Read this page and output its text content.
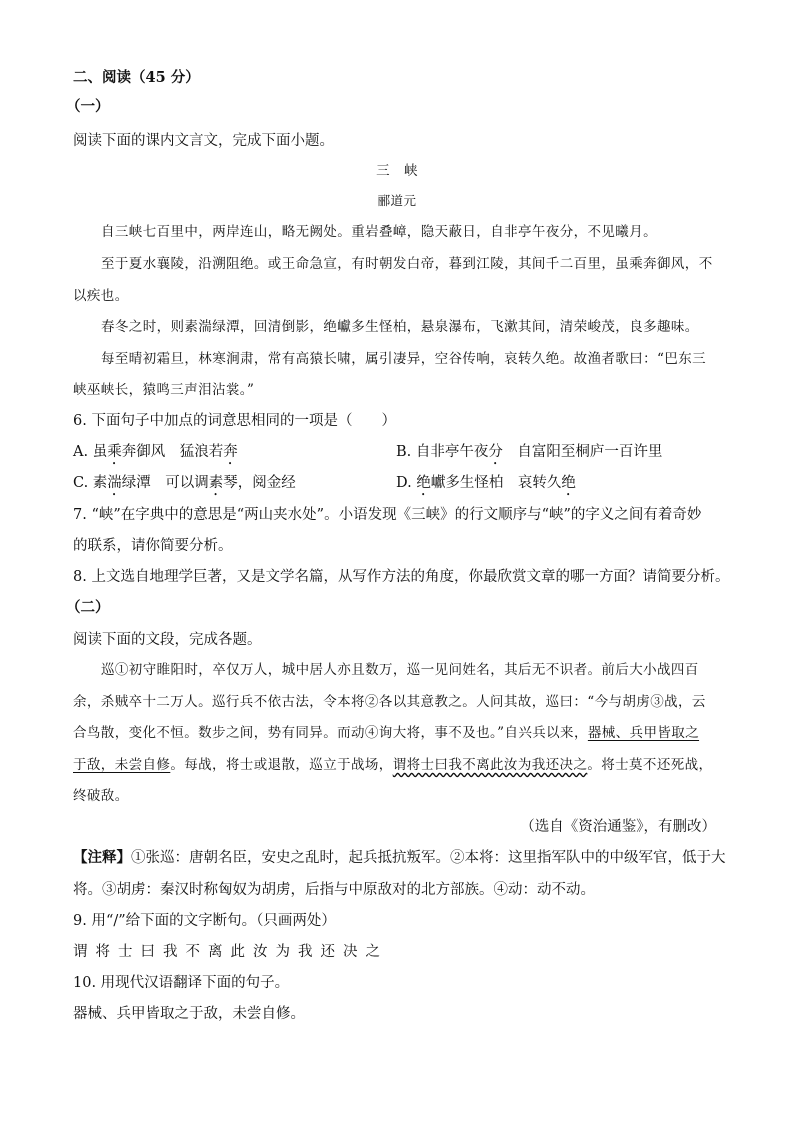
二、阅读（45 分）
（一）
阅读下面的课内文言文，完成下面小题。
三　峡
郦道元
自三峡七百里中，两岸连山，略无阙处。重岩叠嶂，隐天蔽日，自非亭午夜分，不见曦月。
至于夏水襄陵，沿溯阻绝。或王命急宣，有时朝发白帝，暮到江陵，其间千二百里，虽乘奔御风，不
以疾也。
春冬之时，则素湍绿潭，回清倒影，绝巘多生怪柏，悬泉瀑布，飞漱其间，清荣峻茂，良多趣味。
每至晴初霜旦，林寒涧肃，常有高猿长啸，属引凄异，空谷传响，哀转久绝。故渔者歌曰：“巴东三
峡巫峡长，猿鸣三声泪沾裳。”
6. 下面句子中加点的词意思相同的一项是（　　）
A. 虽乘奔御风　猛浪若奔	B. 自非亭午夜分　自富阳至桐庐一百许里
C. 素湍绿潭　可以调素琴，阅金经	D. 绝巘多生怪柏　哀转久绝
7. “峡”在字典中的意思是“两山夹水处”。小语发现《三峡》的行文顺序与“峡”的字义之间有着奇妙
的联系，请你简要分析。
8. 上文选自地理学巨著，又是文学名篇，从写作方法的角度，你最欣赏文章的哪一方面？请简要分析。
（二）
阅读下面的文段，完成各题。
巡①初守睢阳时，卒仅万人，城中居人亦且数万，巡一见问姓名，其后无不识者。前后大小战四百
余，杀贼卒十二万人。巡行兵不依古法，令本将②各以其意教之。人问其故，巡曰：“今与胡虏③战，云
合鸟散，变化不恒。数步之间，势有同异。而动④询大将，事不及也。”自兴兵以来，器械、兵甲皆取之
于敌，未尝自修。每战，将士或退散，巡立于战场，谓将士曰我不离此汝为我还决之。将士莫不还死战，
终破敌。
（选自《资治通鉴》，有删改）
【注释】①张巡：唐朝名臣，安史之乱时，起兵抵抗叛军。②本将：这里指军队中的中级军官，低于大
将。③胡虏：秦汉时称匈奴为胡虏，后指与中原敌对的北方部族。④动：动不动。
9. 用“/”给下面的文字断句。（只画两处）
谓将士曰我不离此汝为我还决之
10. 用现代汉语翻译下面的句子。
器械、兵甲皆取之于敌，未尝自修。
